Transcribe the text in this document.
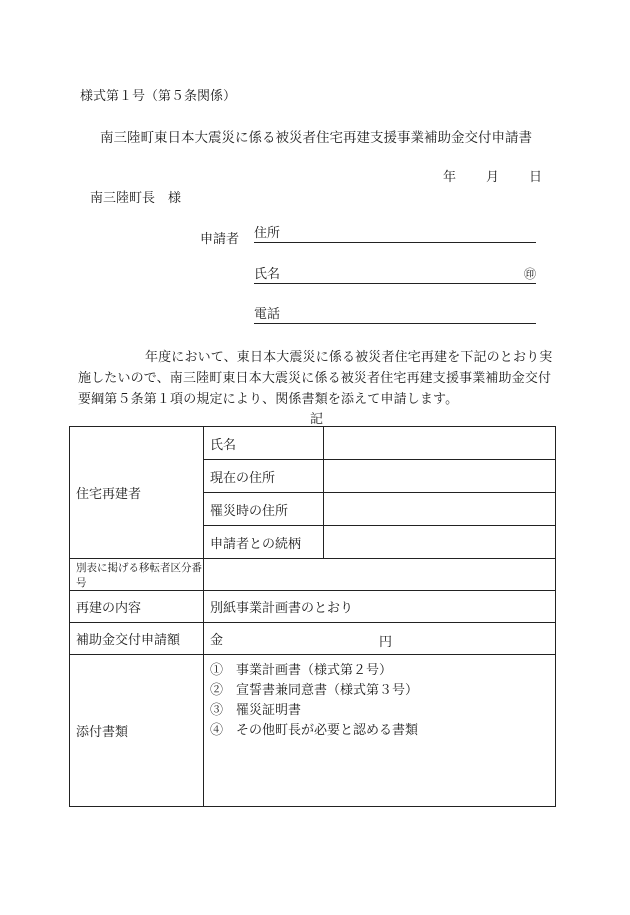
様式第１号（第５条関係）
南三陸町東日本大震災に係る被災者住宅再建支援事業補助金交付申請書
年 月 日
南三陸町長　様
申請者 住所
氏名	㊞
電話
年度において、東日本大震災に係る被災者住宅再建を下記のとおり実施したいので、南三陸町東日本大震災に係る被災者住宅再建支援事業補助金交付要綱第５条第１項の規定により、関係書類を添えて申請します。
記
住宅再建者	氏名	
	現在の住所	
	罹災時の住所	
	申請者との続柄	
別表に掲げる移転者区分番号		
再建の内容	別紙事業計画書のとおり	
補助金交付申請額	金 円	

添付書類	①　事業計画書（様式第２号）
②　宣誓書兼同意書（様式第３号）
③　罹災証明書
④　その他町長が必要と認める書類	
